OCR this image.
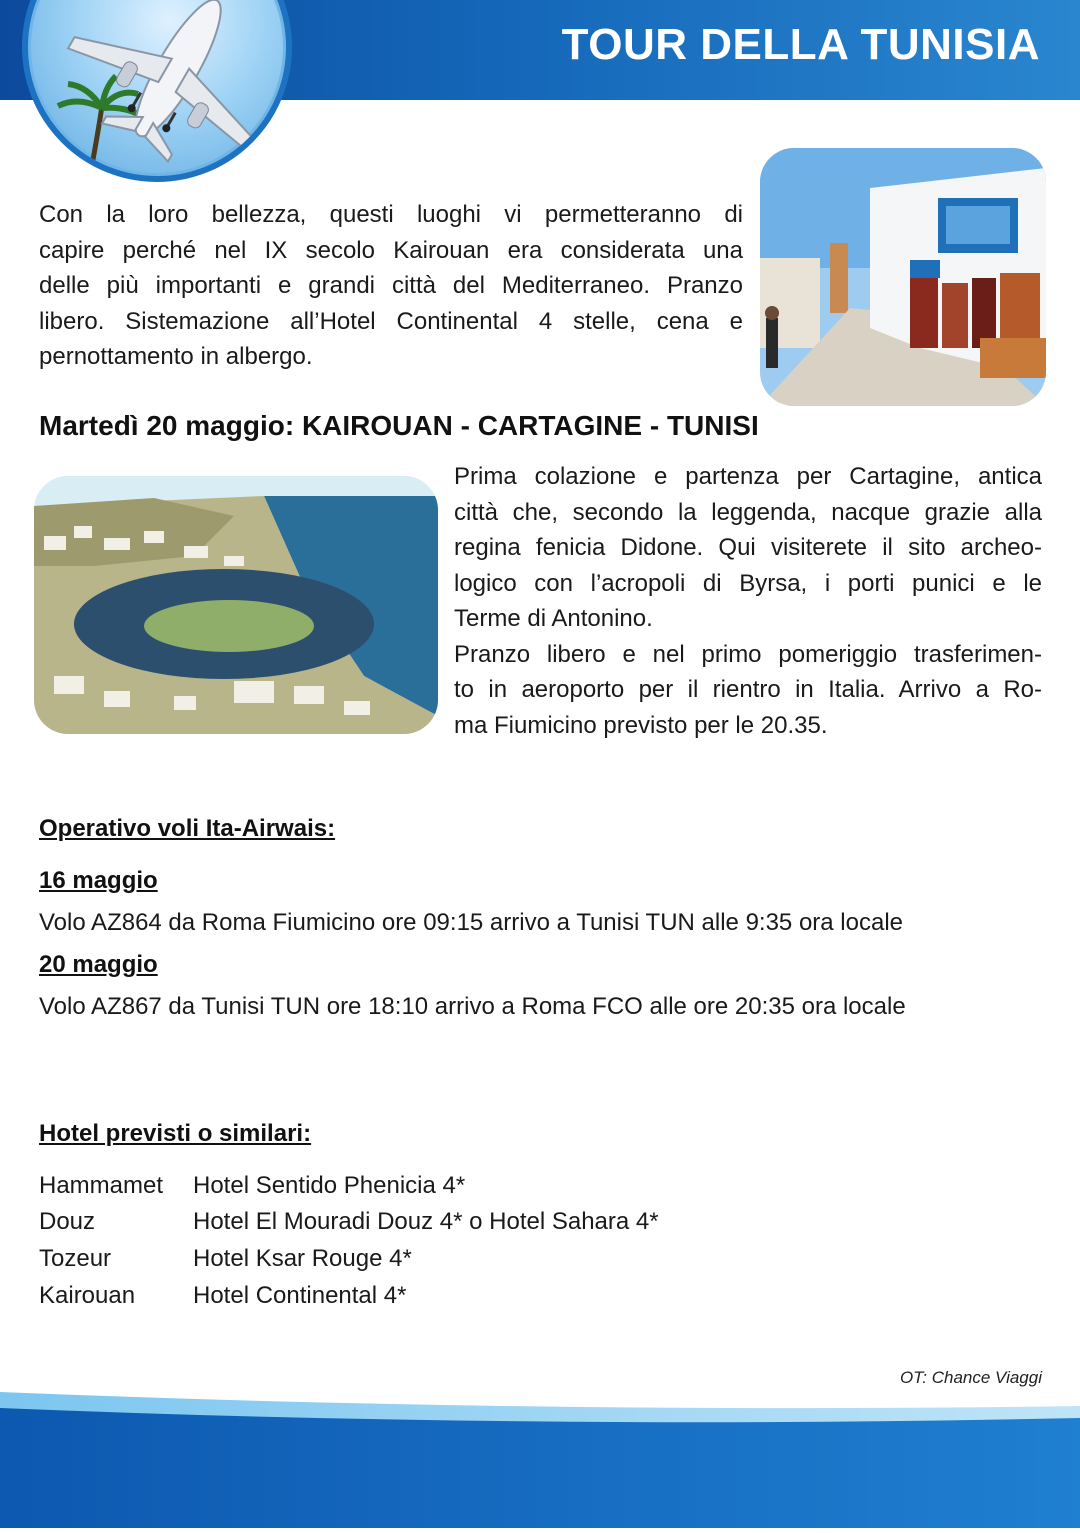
TOUR DELLA TUNISIA
Con la loro bellezza, questi luoghi vi permetteranno di
capire perché nel IX secolo Kairouan era considerata una
delle più importanti e grandi città del Mediterraneo. Pranzo
libero. Sistemazione all’Hotel Continental 4 stelle, cena e
pernottamento in albergo.
Martedì 20 maggio: KAIROUAN - CARTAGINE - TUNISI
Prima colazione e partenza per Cartagine, antica
città che, secondo la leggenda, nacque grazie alla
regina fenicia Didone. Qui visiterete il sito archeo-
logico con l’acropoli di Byrsa, i porti punici e le
Terme di Antonino.
Pranzo libero e nel primo pomeriggio trasferimen-
to in aeroporto per il rientro in Italia. Arrivo a Ro-
ma Fiumicino previsto per le 20.35.
Operativo voli Ita-Airwais:
16 maggio
Volo AZ864 da Roma Fiumicino ore 09:15 arrivo a Tunisi TUN alle 9:35 ora locale
20 maggio
Volo AZ867 da Tunisi TUN ore 18:10 arrivo a Roma FCO alle ore 20:35 ora locale
Hotel previsti o similari:
Hammamet Hotel Sentido Phenicia 4*
Douz	Hotel El Mouradi Douz 4* o Hotel Sahara 4*
Tozeur	Hotel Ksar Rouge 4*
Kairouan Hotel Continental 4*
OT: Chance Viaggi
